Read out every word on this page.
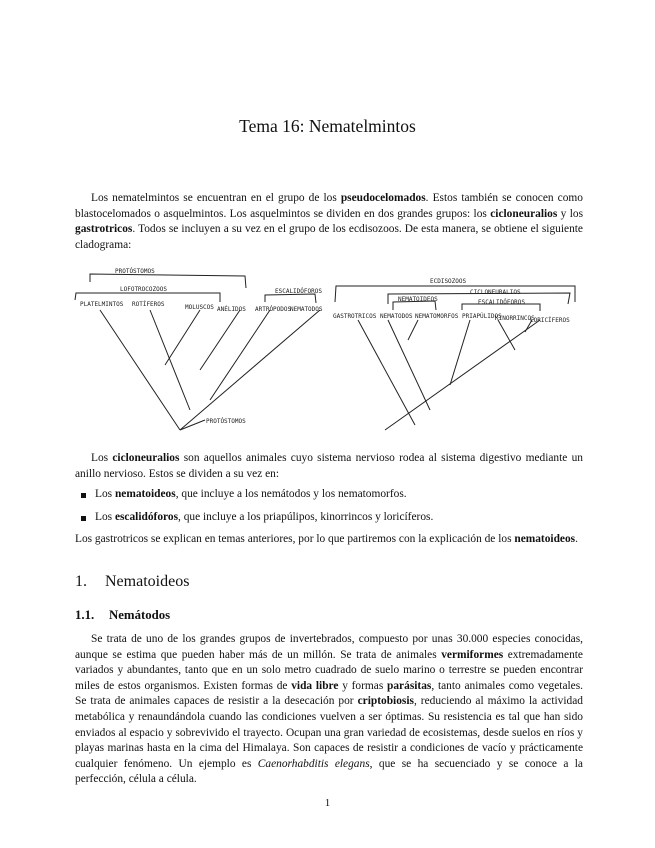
Tema 16: Nematelmintos

Los nematelmintos se encuentran en el grupo de los pseudocelomados. Estos también se conocen como blastocelomados o asquelmintos. Los asquelmintos se dividen en dos grandes grupos: los cicloneuralios y los gastrotricos. Todos se incluyen a su vez en el grupo de los ecdisozoos. De esta manera, se obtiene el siguiente cladograma:

PROTÓSTOMOS
LOFOTROCOZOOS	ESCALIDÓFOROS
PLATELMINTOS ROTÍFEROS	MOLUSCOS ANÉLIDOS ARTRÓPODOS
NEMATODOS
PROTÓSTOMOS
ECDISOZOOS
CICLONEURALIOS
NEMATOIDEOS	ESCALIDÓFOROS
GASTROTRICOS NEMATODOS NEMATOMORFOS PRIAPÚLIDOS
KINORRINCOS
LORICÍFEROS

Los cicloneuralios son aquellos animales cuyo sistema nervioso rodea al sistema digestivo mediante un anillo nervioso. Estos se dividen a su vez en:

Los nematoideos, que incluye a los nemátodos y los nematomorfos.
Los escalidóforos, que incluye a los priapúlipos, kinorrincos y loricíferos.

Los gastrotricos se explican en temas anteriores, por lo que partiremos con la explicación de los nematoideos.

1. Nematoideos
1.1. Nemátodos

Se trata de uno de los grandes grupos de invertebrados, compuesto por unas 30.000 especies conocidas, aunque se estima que pueden haber más de un millón. Se trata de animales vermiformes extremadamente variados y abundantes, tanto que en un solo metro cuadrado de suelo marino o terrestre se pueden encontrar miles de estos organismos. Existen formas de vida libre y formas parásitas, tanto animales como vegetales. Se trata de animales capaces de resistir a la desecación por criptobiosis, reduciendo al máximo la actividad metabólica y renaundándola cuando las condiciones vuelven a ser óptimas. Su resistencia es tal que han sido enviados al espacio y sobrevivido el trayecto. Ocupan una gran variedad de ecosistemas, desde suelos en ríos y playas marinas hasta en la cima del Himalaya. Son capaces de resistir a condiciones de vacío y prácticamente cualquier fenómeno. Un ejemplo es Caenorhabditis elegans, que se ha secuenciado y se conoce a la perfección, célula a célula.

1
